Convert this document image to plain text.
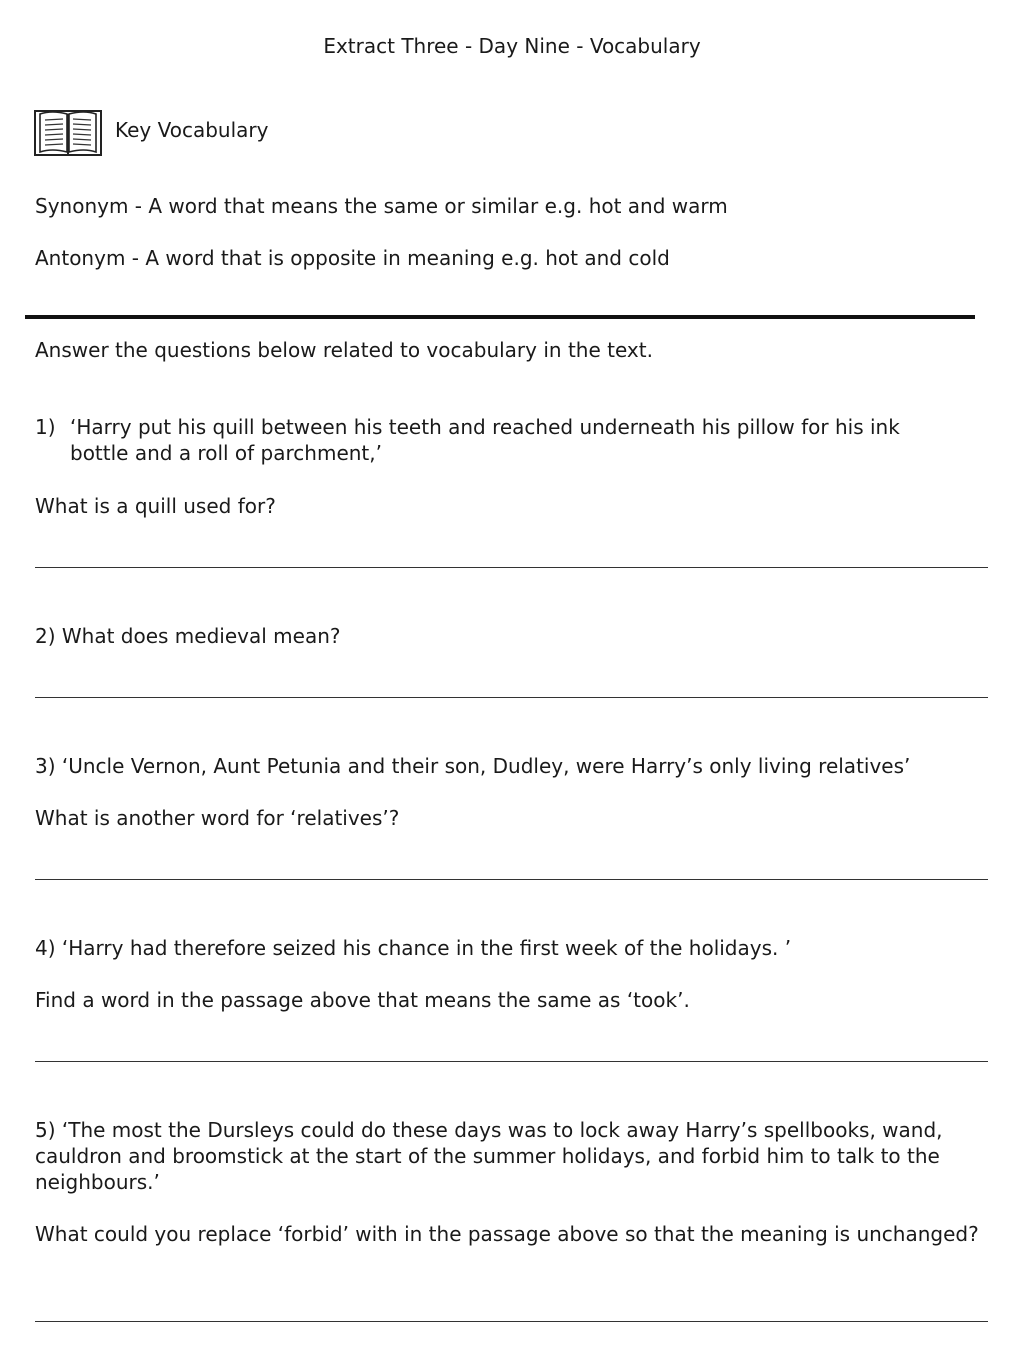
Extract Three - Day Nine - Vocabulary
Key Vocabulary
Synonym - A word that means the same or similar e.g. hot and warm
Antonym - A word that is opposite in meaning e.g. hot and cold
Answer the questions below related to vocabulary in the text.
1) ‘Harry put his quill between his teeth and reached underneath his pillow for his ink
bottle and a roll of parchment,’
What is a quill used for?
2) What does medieval mean?
3) ‘Uncle Vernon, Aunt Petunia and their son, Dudley, were Harry’s only living relatives’
What is another word for ‘relatives’?
4) ‘Harry had therefore seized his chance in the first week of the holidays. ’
Find a word in the passage above that means the same as ‘took’.
5) ‘The most the Dursleys could do these days was to lock away Harry’s spellbooks, wand, cauldron and broomstick at the start of the summer holidays, and forbid him to talk to the neighbours.’
What could you replace ‘forbid’ with in the passage above so that the meaning is unchanged?
